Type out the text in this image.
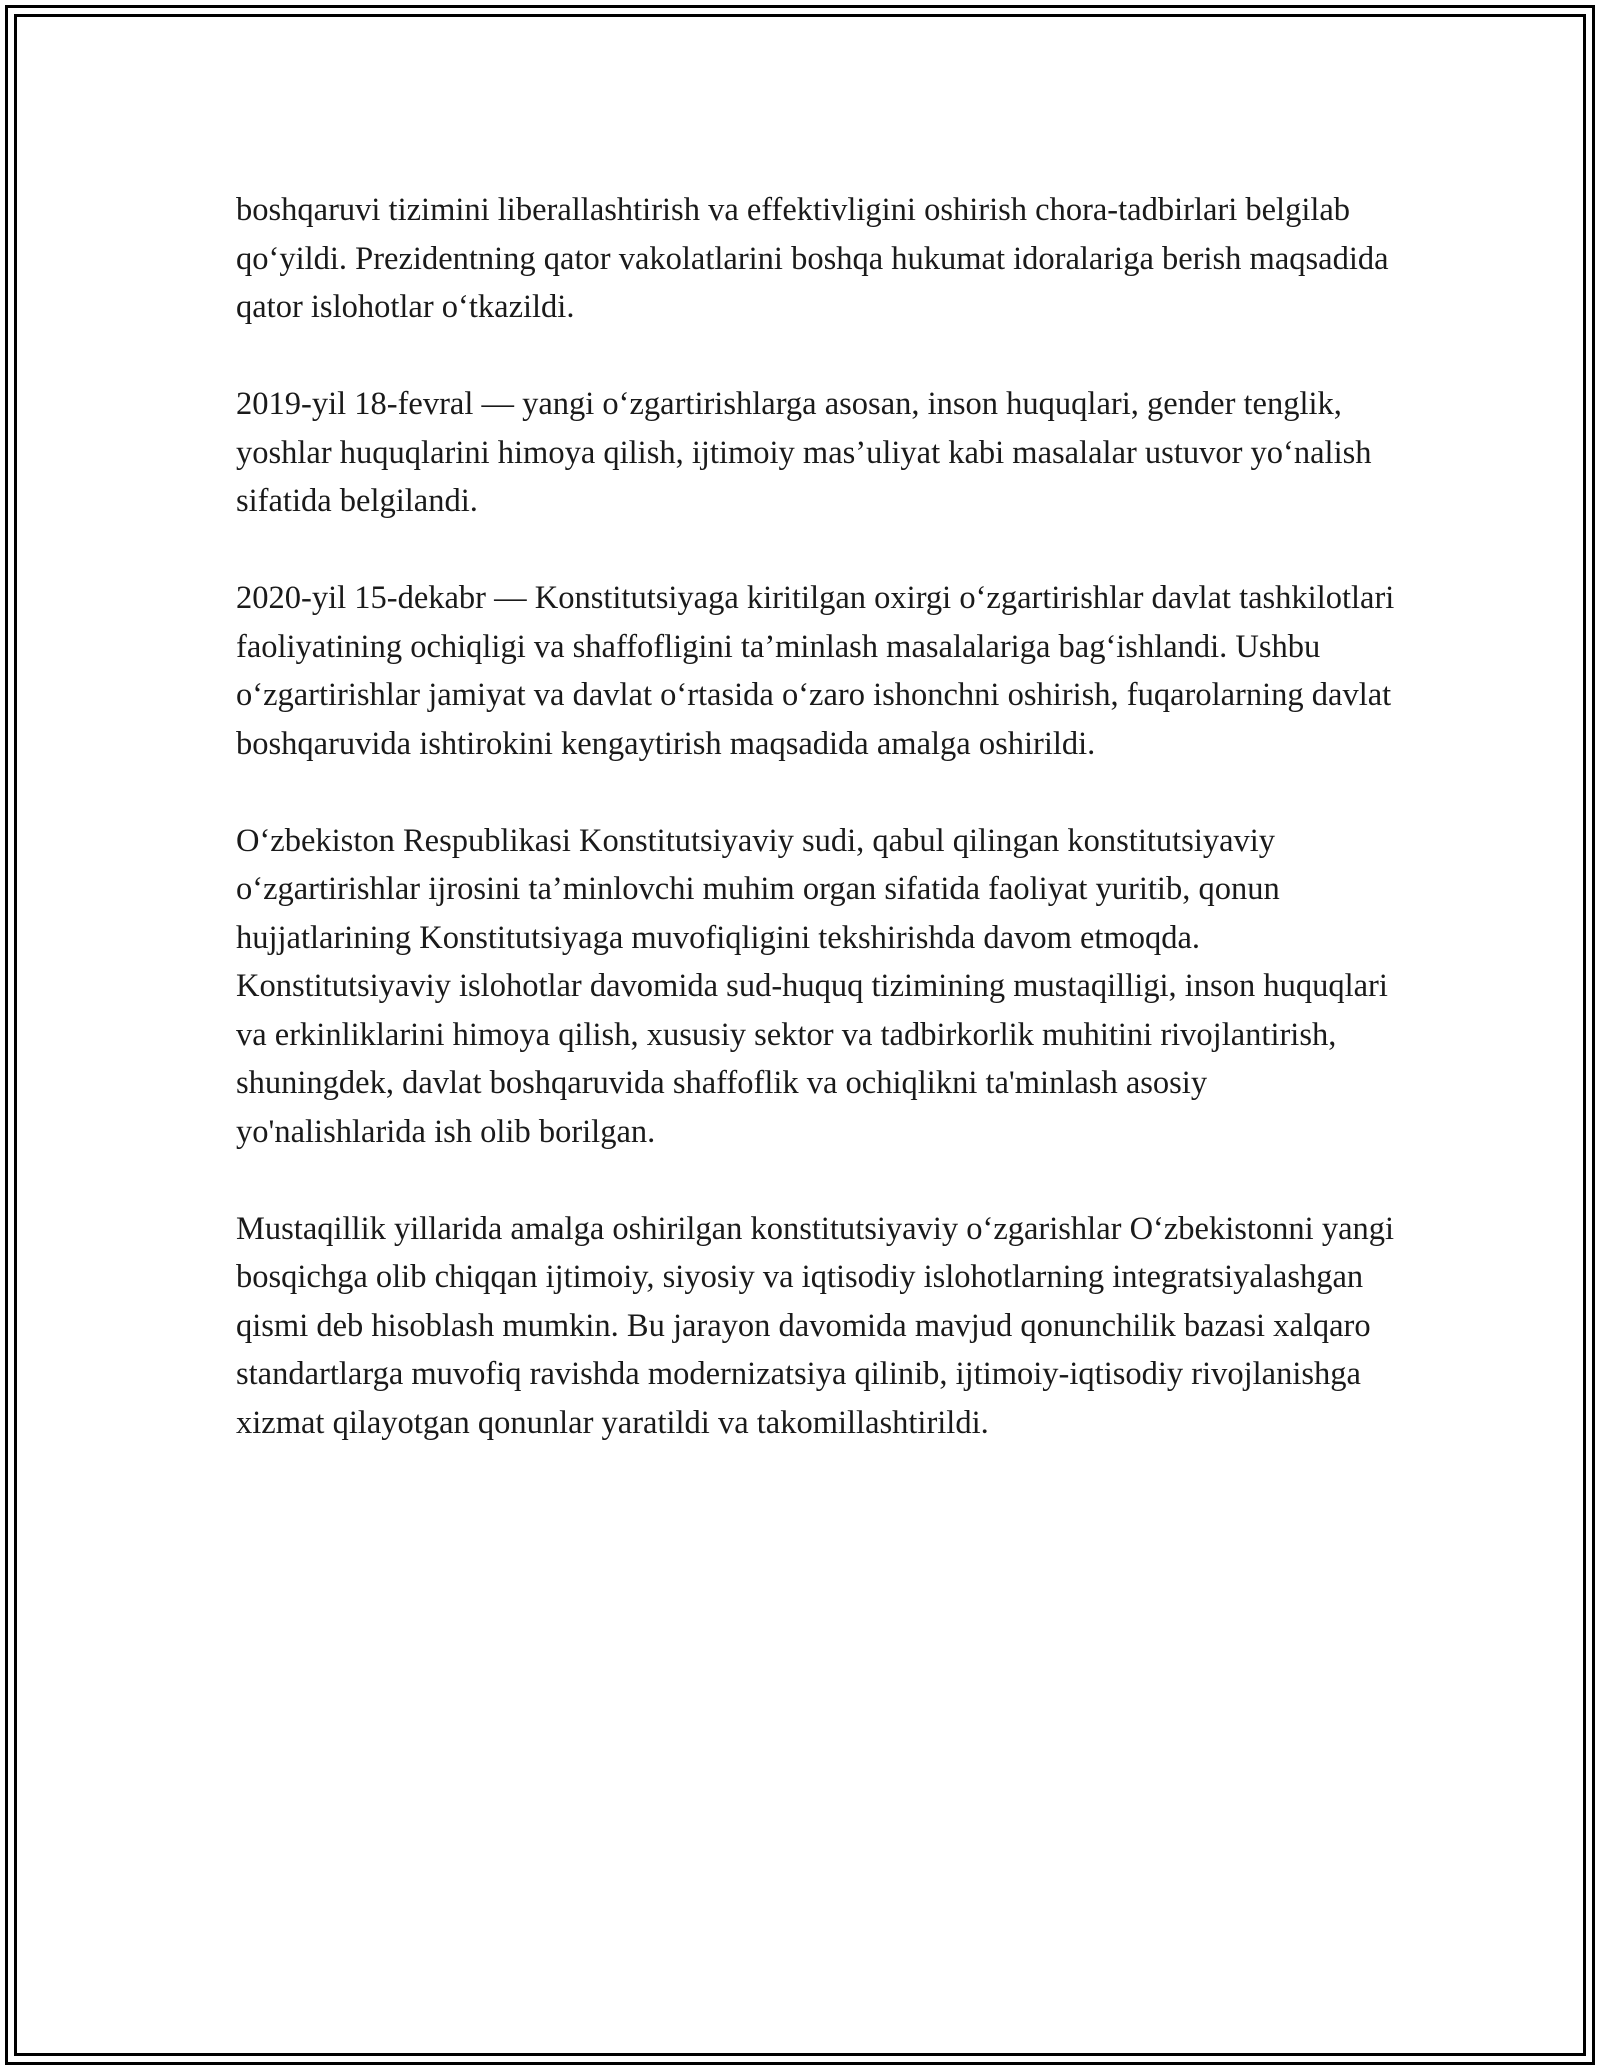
boshqaruvi tizimini liberallashtirish va effektivligini oshirish chora-tadbirlari belgilab qo‘yildi. Prezidentning qator vakolatlarini boshqa hukumat idoralariga berish maqsadida qator islohotlar o‘tkazildi.

2019-yil 18-fevral — yangi o‘zgartirishlarga asosan, inson huquqlari, gender tenglik, yoshlar huquqlarini himoya qilish, ijtimoiy mas’uliyat kabi masalalar ustuvor yo‘nalish sifatida belgilandi.

2020-yil 15-dekabr — Konstitutsiyaga kiritilgan oxirgi o‘zgartirishlar davlat tashkilotlari faoliyatining ochiqligi va shaffofligini ta’minlash masalalariga bag‘ishlandi. Ushbu o‘zgartirishlar jamiyat va davlat o‘rtasida o‘zaro ishonchni oshirish, fuqarolarning davlat boshqaruvida ishtirokini kengaytirish maqsadida amalga oshirildi.

O‘zbekiston Respublikasi Konstitutsiyaviy sudi, qabul qilingan konstitutsiyaviy o‘zgartirishlar ijrosini ta’minlovchi muhim organ sifatida faoliyat yuritib, qonun hujjatlarining Konstitutsiyaga muvofiqligini tekshirishda davom etmoqda. Konstitutsiyaviy islohotlar davomida sud-huquq tizimining mustaqilligi, inson huquqlari va erkinliklarini himoya qilish, xususiy sektor va tadbirkorlik muhitini rivojlantirish, shuningdek, davlat boshqaruvida shaffoflik va ochiqlikni ta'minlash asosiy yo'nalishlarida ish olib borilgan.

Mustaqillik yillarida amalga oshirilgan konstitutsiyaviy o‘zgarishlar O‘zbekistonni yangi bosqichga olib chiqqan ijtimoiy, siyosiy va iqtisodiy islohotlarning integratsiyalashgan qismi deb hisoblash mumkin. Bu jarayon davomida mavjud qonunchilik bazasi xalqaro standartlarga muvofiq ravishda modernizatsiya qilinib, ijtimoiy-iqtisodiy rivojlanishga xizmat qilayotgan qonunlar yaratildi va takomillashtirildi.
